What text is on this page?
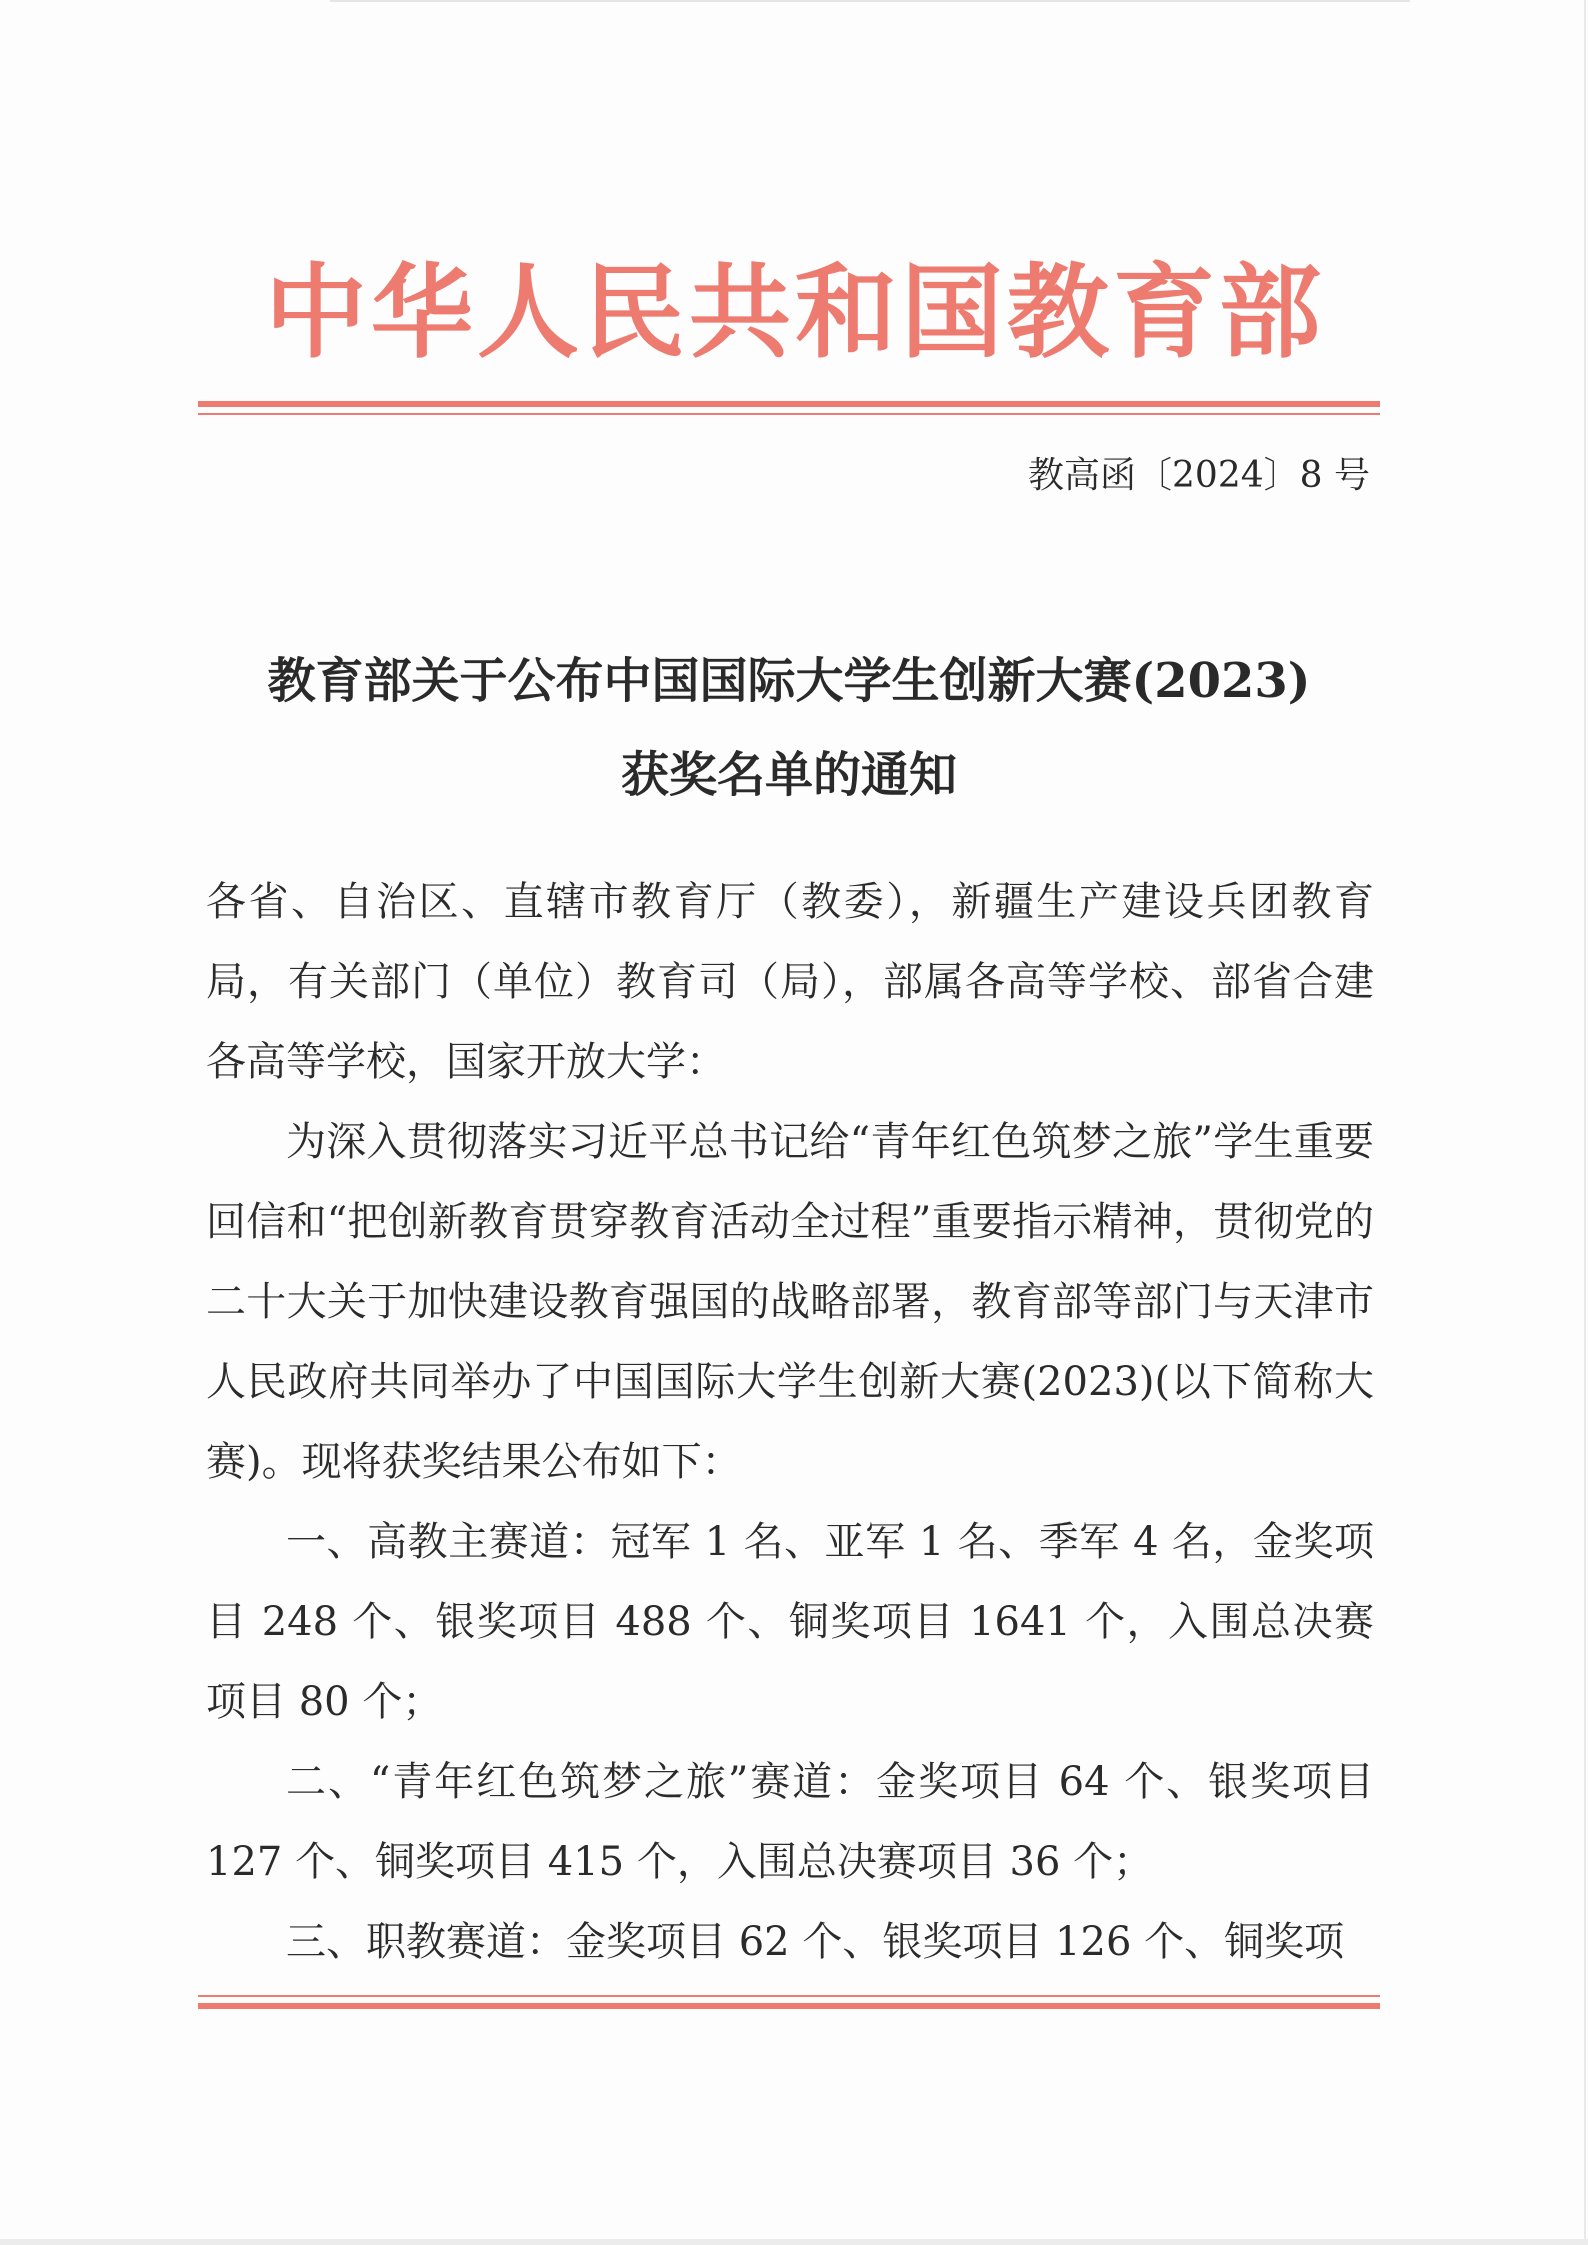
中华人民共和国教育部
教高函〔2024〕8 号
教育部关于公布中国国际大学生创新大赛(2023)
获奖名单的通知

各省、自治区、直辖市教育厅（教委），新疆生产建设兵团教育局，有关部门（单位）教育司（局），部属各高等学校、部省合建各高等学校，国家开放大学：

为深入贯彻落实习近平总书记给“青年红色筑梦之旅”学生重要回信和“把创新教育贯穿教育活动全过程”重要指示精神，贯彻党的二十大关于加快建设教育强国的战略部署，教育部等部门与天津市人民政府共同举办了中国国际大学生创新大赛(2023)(以下简称大赛)。现将获奖结果公布如下：

一、高教主赛道：冠军 1 名、亚军 1 名、季军 4 名，金奖项目 248 个、银奖项目 488 个、铜奖项目 1641 个，入围总决赛项目 80 个；

二、“青年红色筑梦之旅”赛道：金奖项目 64 个、银奖项目 127 个、铜奖项目 415 个，入围总决赛项目 36 个；

三、职教赛道：金奖项目 62 个、银奖项目 126 个、铜奖项
